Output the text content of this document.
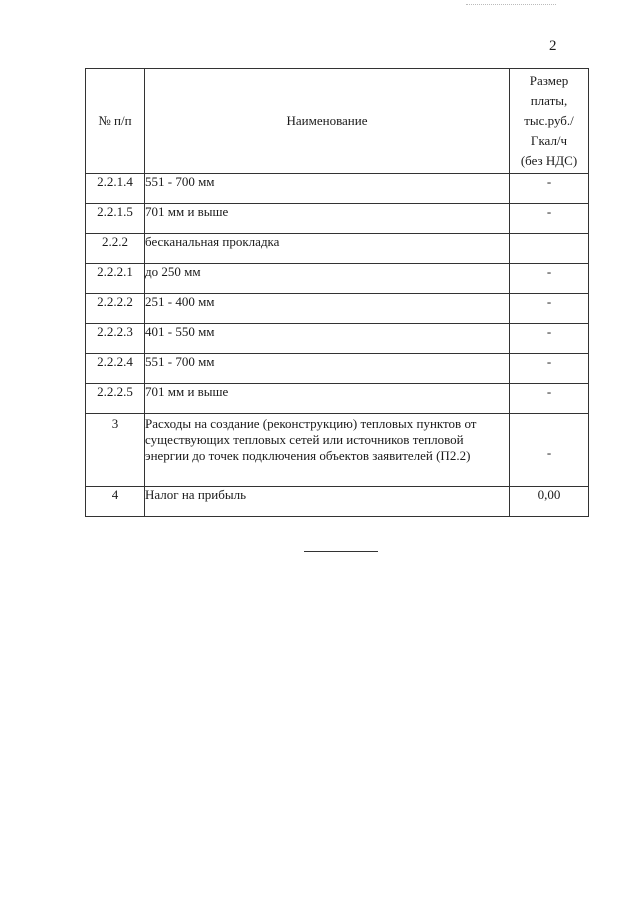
2
№ п/п	Наименование	Размер
платы,
тыс.руб./
Гкал/ч
(без НДС)

2.2.1.4	551 - 700 мм	-
2.2.1.5	701 мм и выше	-
2.2.2	бесканальная прокладка	
2.2.2.1	до 250 мм	-
2.2.2.2	251 - 400 мм	-
2.2.2.3	401 - 550 мм	-
2.2.2.4	551 - 700 мм	-
2.2.2.5	701 мм и выше	-
3	Расходы на создание (реконструкцию) тепловых пунктов от существующих тепловых сетей или источников тепловой энергии до точек подключения объектов заявителей (П2.2)	-
4	Налог на прибыль	0,00
